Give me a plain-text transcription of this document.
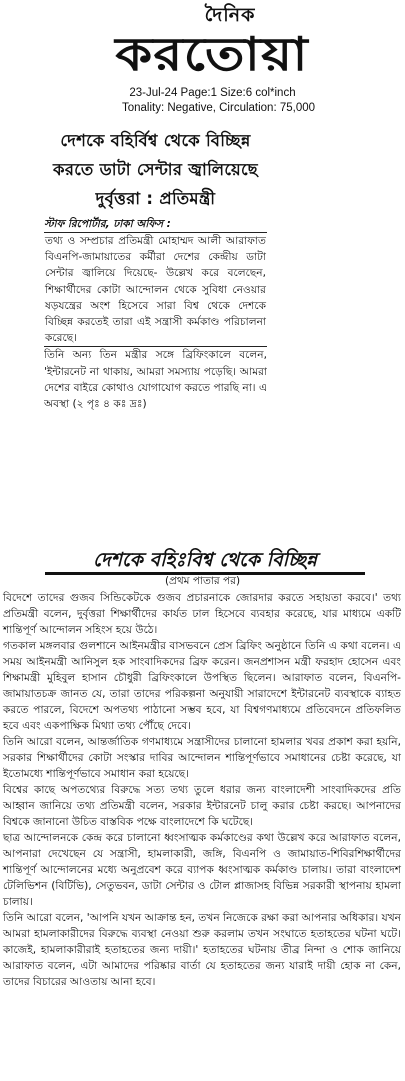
দৈনিক
করতোয়া
23-Jul-24 Page:1 Size:6 col*inch
Tonality: Negative, Circulation: 75,000
দেশকে বহির্বিশ্ব থেকে বিচ্ছিন্ন
করতে ডাটা সেন্টার জ্বালিয়েছে
দুর্বৃত্তরা : প্রতিমন্ত্রী
স্টাফ রিপোর্টার, ঢাকা অফিস :

তথ্য ও সম্প্রচার প্রতিমন্ত্রী মোহাম্মদ আলী আরাফাত বিএনপি-জামায়াতের কর্মীরা দেশের কেন্দ্রীয় ডাটা সেন্টার জ্বালিয়ে দিয়েছে- উল্লেখ করে বলেছেন, শিক্ষার্থীদের কোটা আন্দোলন থেকে সুবিধা নেওয়ার ষড়যন্ত্রের অংশ হিসেবে সারা বিশ্ব থেকে দেশকে বিচ্ছিন্ন করতেই তারা এই সন্ত্রাসী কর্মকাণ্ড পরিচালনা করেছে।

তিনি অন্য তিন মন্ত্রীর সঙ্গে ব্রিফিংকালে বলেন, 'ইন্টারনেট না থাকায়, আমরা সমস্যায় পড়েছি। আমরা দেশের বাইরে কোথাও যোগাযোগ করতে পারছি না। এ অবস্থা (২ পৃঃ ৪ কঃ দ্রঃ)

দেশকে বহিঃবিশ্ব থেকে বিচ্ছিন্ন
(প্রথম পাতার পর)

বিদেশে তাদের গুজব সিন্ডিকেটকে গুজব প্রচারনাকে জোরদার করতে সহায়তা করবে।' তথ্য প্রতিমন্ত্রী বলেন, দুর্বৃত্তরা শিক্ষার্থীদের কার্যত ঢাল হিসেবে ব্যবহার করেছে, যার মাধ্যমে একটি শান্তিপূর্ণ আন্দোলন সহিংস হয়ে উঠে।

গতকাল মঙ্গলবার গুলশানে আইনমন্ত্রীর বাসভবনে প্রেস ব্রিফিং অনুষ্ঠানে তিনি এ কথা বলেন। এ সময় আইনমন্ত্রী আনিসুল হক সাংবাদিকদের ব্রিফ করেন। জনপ্রশাসন মন্ত্রী ফরহাদ হোসেন এবং শিক্ষামন্ত্রী মুহিবুল হাসান চৌধুরী ব্রিফিংকালে উপস্থিত ছিলেন। আরাফাত বলেন, বিএনপি-জামায়াতচক্র জানত যে, তারা তাদের পরিকল্পনা অনুযায়ী সারাদেশে ইন্টারনেট ব্যবস্থাকে ব্যাহত করতে পারলে, বিদেশে অপতথ্য পাঠানো সম্ভব হবে, যা বিশ্বগণমাধ্যমে প্রতিবেদনে প্রতিফলিত হবে এবং একপাক্ষিক মিথ্যা তথ্য পৌঁছে দেবে।

তিনি আরো বলেন, আন্তর্জাতিক গণমাধ্যমে সন্ত্রাসীদের চালানো হামলার খবর প্রকাশ করা হয়নি, সরকার শিক্ষার্থীদের কোটা সংস্কার দাবির আন্দোলন শান্তিপূর্ণভাবে সমাধানের চেষ্টা করেছে, যা ইতোমধ্যে শান্তিপূর্ণভাবে সমাধান করা হয়েছে।

বিশ্বের কাছে অপতথ্যের বিরুদ্ধে সত্য তথ্য তুলে ধরার জন্য বাংলাদেশী সাংবাদিকদের প্রতি আহ্বান জানিয়ে তথ্য প্রতিমন্ত্রী বলেন, সরকার ইন্টারনেট চালু করার চেষ্টা করছে। আপনাদের বিশ্বকে জানানো উচিত বাস্তবিক পক্ষে বাংলাদেশে কি ঘটেছে।

ছাত্র আন্দোলনকে কেন্দ্র করে চালানো ধ্বংসাত্মক কর্মকাণ্ডের কথা উল্লেখ করে আরাফাত বলেন, আপনারা দেখেছেন যে সন্ত্রাসী, হামলাকারী, জঙ্গি, বিএনপি ও জামায়াত-শিবিরশিক্ষার্থীদের শান্তিপূর্ণ আন্দোলনের মধ্যে অনুপ্রবেশ করে ব্যাপক ধ্বংসাত্মক কর্মকাণ্ড চালায়। তারা বাংলাদেশ টেলিভিশন (বিটিভি), সেতুভবন, ডাটা সেন্টার ও টোল প্লাজাসহ বিভিন্ন সরকারী স্থাপনায় হামলা চালায়।

তিনি আরো বলেন, 'আপনি যখন আক্রান্ত হন, তখন নিজেকে রক্ষা করা আপনার অধিকার। যখন আমরা হামলাকারীদের বিরুদ্ধে ব্যবস্থা নেওয়া শুরু করলাম তখন সংঘাতে হতাহতের ঘটনা ঘটে। কাজেই, হামলাকারীরাই হতাহতের জন্য দায়ী।' হতাহতের ঘটনায় তীব্র নিন্দা ও শোক জানিয়ে আরাফাত বলেন, এটা আমাদের পরিষ্কার বার্তা যে হতাহতের জন্য যারাই দায়ী হোক না কেন, তাদের বিচারের আওতায় আনা হবে।
